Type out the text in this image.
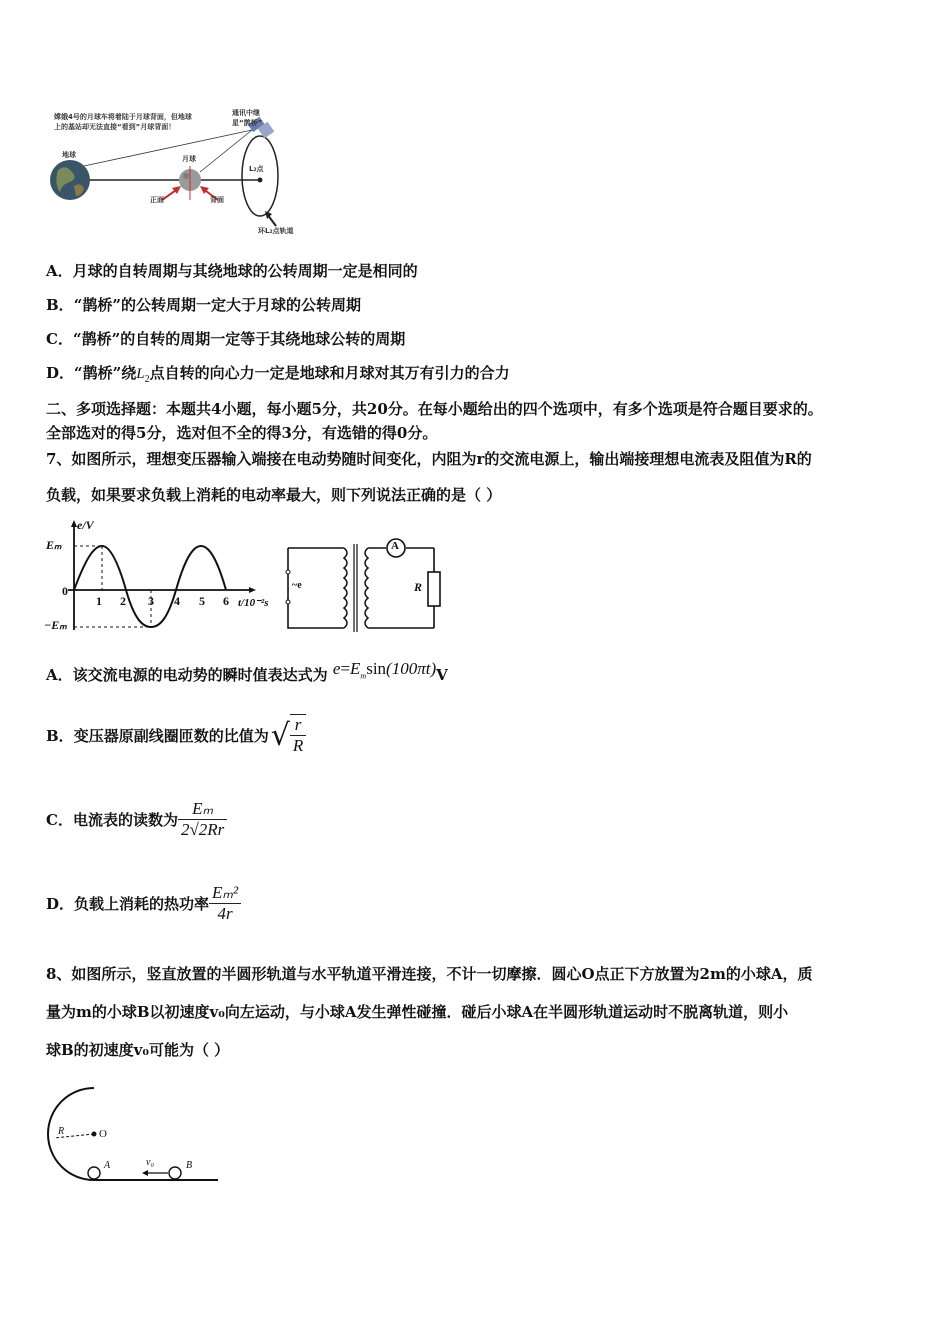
嫦娥4号的月球车将着陆于月球背面，但地球
上的基站却无法直接“看到”月球背面！
地球	月球
正面	背面
通讯中继
星“鹊桥”
L₂点
环L₂点轨道
A．月球的自转周期与其绕地球的公转周期一定是相同的
B．“鹊桥”的公转周期一定大于月球的公转周期
C．“鹊桥”的自转的周期一定等于其绕地球公转的周期
D．“鹊桥”绕$L_2$点自转的向心力一定是地球和月球对其万有引力的合力
二、多项选择题：本题共4小题，每小题5分，共20分。在每小题给出的四个选项中，有多个选项是符合题目要求的。
全部选对的得5分，选对但不全的得3分，有选错的得0分。
7、如图所示，理想变压器输入端接在电动势随时间变化，内阻为r的交流电源上，输出端接理想电流表及阻值为R的
负载，如果要求负载上消耗的电动率最大，则下列说法正确的是（ ）
e/V
Eₘ
−Eₘ
0
1 2 3 4 5 6 t/10⁻²s
A
R
~e
A．该交流电源的电动势的瞬时值表达式为 $e=E_m\sin(100\pi t)V$
B． 变压器原副线圈匝数的比值为 √ $\frac{r}{R}$
C． 电流表的读数为 $\frac{\text{Eₘ}}{2√2Rr}$
D． 负载上消耗的热功率 $\frac{\text{Eₘ²}}{4r}$
8、如图所示，竖直放置的半圆形轨道与水平轨道平滑连接，不计一切摩擦．圆心O点正下方放置为2m的小球A，质
量为m的小球B以初速度v₀向左运动，与小球A发生弹性碰撞．碰后小球A在半圆形轨道运动时不脱离轨道，则小
球B的初速度v₀可能为（ ）
R	O
A	v₀	B
